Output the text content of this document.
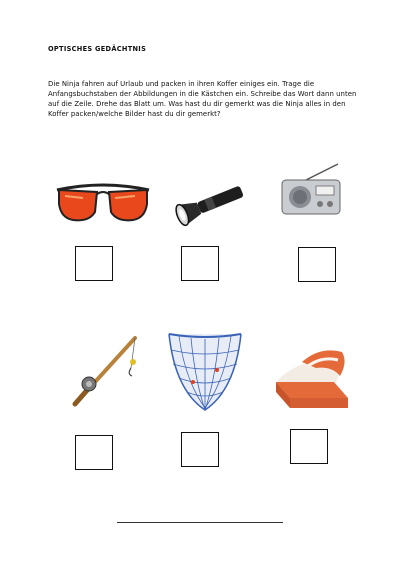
OPTISCHES GEDÄCHTNIS
Die Ninja fahren auf Urlaub und packen in ihren Koffer einiges ein. Trage die Anfangsbuchstaben der Abbildungen in die Kästchen ein. Schreibe das Wort dann unten auf die Zeile. Drehe das Blatt um. Was hast du dir gemerkt was die Ninja alles in den Koffer packen/welche Bilder hast du dir gemerkt?
